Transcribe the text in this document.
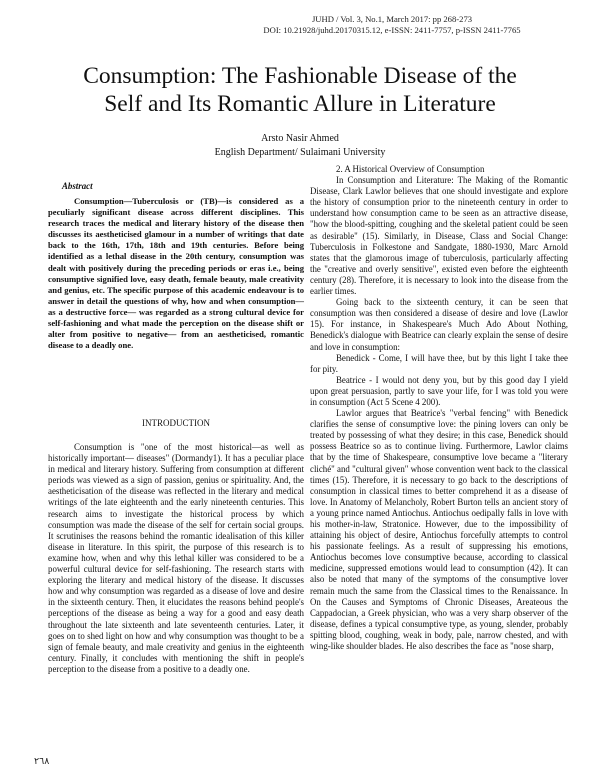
JUHD / Vol. 3, No.1, March 2017: pp 268-273
DOI: 10.21928/juhd.20170315.12, e-ISSN: 2411-7757, p-ISSN 2411-7765
Consumption: The Fashionable Disease of the
Self and Its Romantic Allure in Literature
Arsto Nasir Ahmed
English Department/ Sulaimani University
Abstract

Consumption—Tuberculosis or (TB)—is considered as a peculiarly significant disease across different disciplines. This research traces the medical and literary history of the disease then discusses its aestheticised glamour in a number of writings that date back to the 16th, 17th, 18th and 19th centuries. Before being identified as a lethal disease in the 20th century, consumption was dealt with positively during the preceding periods or eras i.e., being consumptive signified love, easy death, female beauty, male creativity and genius, etc. The specific purpose of this academic endeavour is to answer in detail the questions of why, how and when consumption—as a destructive force— was regarded as a strong cultural device for self-fashioning and what made the perception on the disease shift or alter from positive to negative— from an aestheticised, romantic disease to a deadly one.

INTRODUCTION

Consumption is "one of the most historical—as well as historically important— diseases" (Dormandy1). It has a peculiar place in medical and literary history. Suffering from consumption at different periods was viewed as a sign of passion, genius or spirituality. And, the aestheticisation of the disease was reflected in the literary and medical writings of the late eighteenth and the early nineteenth centuries. This research aims to investigate the historical process by which consumption was made the disease of the self for certain social groups. It scrutinises the reasons behind the romantic idealisation of this killer disease in literature. In this spirit, the purpose of this research is to examine how, when and why this lethal killer was considered to be a powerful cultural device for self-fashioning. The research starts with exploring the literary and medical history of the disease. It discusses how and why consumption was regarded as a disease of love and desire in the sixteenth century. Then, it elucidates the reasons behind people's perceptions of the disease as being a way for a good and easy death throughout the late sixteenth and late seventeenth centuries. Later, it goes on to shed light on how and why consumption was thought to be a sign of female beauty, and male creativity and genius in the eighteenth century. Finally, it concludes with mentioning the shift in people's perception to the disease from a positive to a deadly one.

2. A Historical Overview of Consumption

In Consumption and Literature: The Making of the Romantic Disease, Clark Lawlor believes that one should investigate and explore the history of consumption prior to the nineteenth century in order to understand how consumption came to be seen as an attractive disease, "how the blood-spitting, coughing and the skeletal patient could be seen as desirable" (15). Similarly, in Disease, Class and Social Change: Tuberculosis in Folkestone and Sandgate, 1880-1930, Marc Arnold states that the glamorous image of tuberculosis, particularly affecting the "creative and overly sensitive", existed even before the eighteenth century (28). Therefore, it is necessary to look into the disease from the earlier times.

Going back to the sixteenth century, it can be seen that consumption was then considered a disease of desire and love (Lawlor 15). For instance, in Shakespeare's Much Ado About Nothing, Benedick's dialogue with Beatrice can clearly explain the sense of desire and love in consumption:

Benedick - Come, I will have thee, but by this light I take thee for pity.

Beatrice - I would not deny you, but by this good day I yield upon great persuasion, partly to save your life, for I was told you were in consumption (Act 5 Scene 4 200).

Lawlor argues that Beatrice's "verbal fencing" with Benedick clarifies the sense of consumptive love: the pining lovers can only be treated by possessing of what they desire; in this case, Benedick should possess Beatrice so as to continue living. Furthermore, Lawlor claims that by the time of Shakespeare, consumptive love became a "literary cliché" and "cultural given" whose convention went back to the classical times (15). Therefore, it is necessary to go back to the descriptions of consumption in classical times to better comprehend it as a disease of love. In Anatomy of Melancholy, Robert Burton tells an ancient story of a young prince named Antiochus. Antiochus oedipally falls in love with his mother-in-law, Stratonice. However, due to the impossibility of attaining his object of desire, Antiochus forcefully attempts to control his passionate feelings. As a result of suppressing his emotions, Antiochus becomes love consumptive because, according to classical medicine, suppressed emotions would lead to consumption (42). It can also be noted that many of the symptoms of the consumptive lover remain much the same from the Classical times to the Renaissance. In On the Causes and Symptoms of Chronic Diseases, Areateous the Cappadocian, a Greek physician, who was a very sharp observer of the disease, defines a typical consumptive type, as young, slender, probably spitting blood, coughing, weak in body, pale, narrow chested, and with wing-like shoulder blades. He also describes the face as "nose sharp,

٢٦٨
